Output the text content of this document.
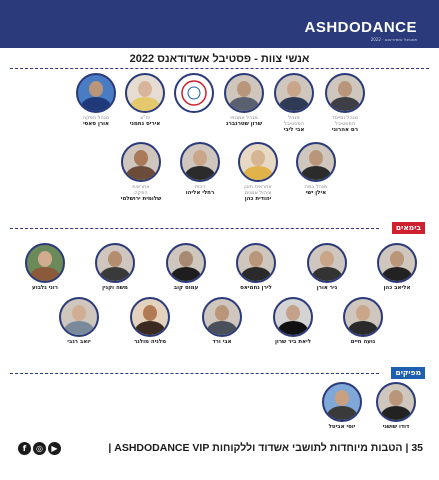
ASHDODANCE
2022 · פסטיבל אשדודאנס
אנשי צוות - פסטיבל אשדודאנס 2022
מנהל ומייסד
הפסטיבל
רם אהרוני
מנהל
הפסטיבל
אבי ליבי
מנהל אמנותי
שרון שטרנברג
יח"צ
איריס נחמני
מנהל הפקה
אורן סאסי
מנהל במה
אילן ישי
אחראית תוכן
וניהול אמנים
יהודית כהן
רכזת
רחלי אליהו
אחראית
הפקה
שלומית ירושלמי
בימאים
אליאב כהן
ניר אורן
לירן נחמיאס
עמוס קוב
משה וקנין
רוני גלבוע
נועה חיים
ליאת ביר שרון
אבי ורד
מלניה מולנר
יואב רגבי
מפיקים
דודו שושני
יוסי אביטל
f	◎	▶	35 | הטבות מיוחדות לתושבי אשדוד וללקוחות ASHDODANCE VIP |
